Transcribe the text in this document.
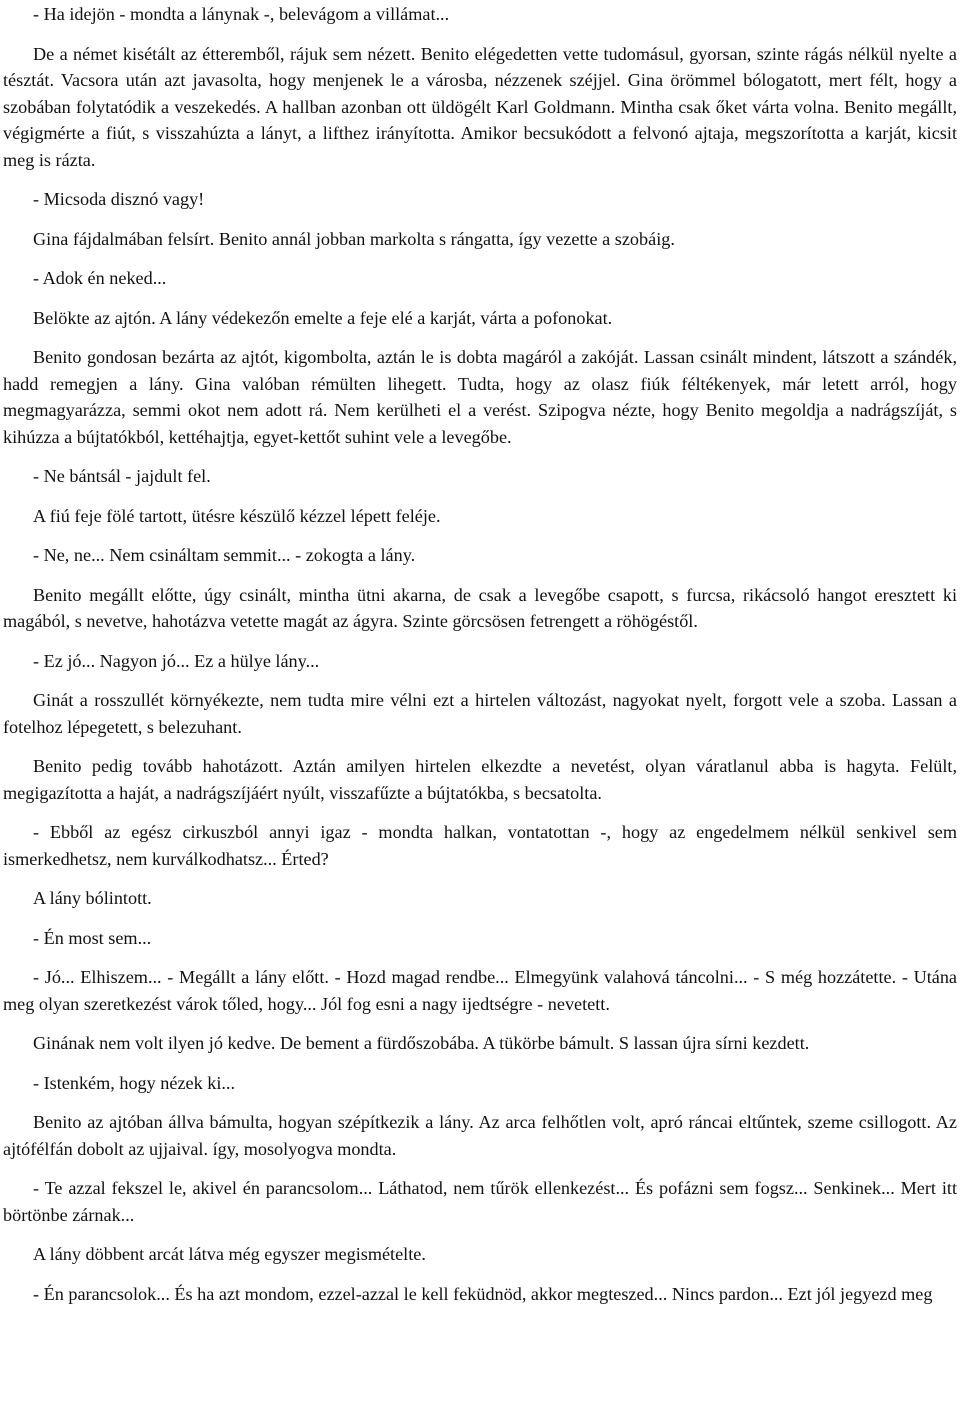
- Ha idejön - mondta a lánynak -, belevágom a villámat...

De a német kisétált az étteremből, rájuk sem nézett. Benito elégedetten vette tudomásul, gyorsan, szinte rágás nélkül nyelte a tésztát. Vacsora után azt javasolta, hogy menjenek le a városba, nézzenek széjjel. Gina örömmel bólogatott, mert félt, hogy a szobában folytatódik a veszekedés. A hallban azonban ott üldögélt Karl Goldmann. Mintha csak őket várta volna. Benito megállt, végigmérte a fiút, s visszahúzta a lányt, a lifthez irányította. Amikor becsukódott a felvonó ajtaja, megszorította a karját, kicsit meg is rázta.

- Micsoda disznó vagy!

Gina fájdalmában felsírt. Benito annál jobban markolta s rángatta, így vezette a szobáig.

- Adok én neked...

Belökte az ajtón. A lány védekezőn emelte a feje elé a karját, várta a pofonokat.

Benito gondosan bezárta az ajtót, kigombolta, aztán le is dobta magáról a zakóját. Lassan csinált mindent, látszott a szándék, hadd remegjen a lány. Gina valóban rémülten lihegett. Tudta, hogy az olasz fiúk féltékenyek, már letett arról, hogy megmagyarázza, semmi okot nem adott rá. Nem kerülheti el a verést. Szipogva nézte, hogy Benito megoldja a nadrágszíját, s kihúzza a bújtatókból, kettéhajtja, egyet-kettőt suhint vele a levegőbe.

- Ne bántsál - jajdult fel.

A fiú feje fölé tartott, ütésre készülő kézzel lépett feléje.

- Ne, ne... Nem csináltam semmit... - zokogta a lány.

Benito megállt előtte, úgy csinált, mintha ütni akarna, de csak a levegőbe csapott, s furcsa, rikácsoló hangot eresztett ki magából, s nevetve, hahotázva vetette magát az ágyra. Szinte görcsösen fetrengett a röhögéstől.

- Ez jó... Nagyon jó... Ez a hülye lány...

Ginát a rosszullét környékezte, nem tudta mire vélni ezt a hirtelen változást, nagyokat nyelt, forgott vele a szoba. Lassan a fotelhoz lépegetett, s belezuhant.

Benito pedig tovább hahotázott. Aztán amilyen hirtelen elkezdte a nevetést, olyan váratlanul abba is hagyta. Felült, megigazította a haját, a nadrágszíjáért nyúlt, visszafűzte a bújtatókba, s becsatolta.

- Ebből az egész cirkuszból annyi igaz - mondta halkan, vontatottan -, hogy az engedelmem nélkül senkivel sem ismerkedhetsz, nem kurválkodhatsz... Érted?

A lány bólintott.

- Én most sem...

- Jó... Elhiszem... - Megállt a lány előtt. - Hozd magad rendbe... Elmegyünk valahová táncolni... - S még hozzátette. - Utána meg olyan szeretkezést várok tőled, hogy... Jól fog esni a nagy ijedtségre - nevetett.

Ginának nem volt ilyen jó kedve. De bement a fürdőszobába. A tükörbe bámult. S lassan újra sírni kezdett.

- Istenkém, hogy nézek ki...

Benito az ajtóban állva bámulta, hogyan szépítkezik a lány. Az arca felhőtlen volt, apró ráncai eltűntek, szeme csillogott. Az ajtófélfán dobolt az ujjaival. így, mosolyogva mondta.

- Te azzal fekszel le, akivel én parancsolom... Láthatod, nem tűrök ellenkezést... És pofázni sem fogsz... Senkinek... Mert itt börtönbe zárnak...

A lány döbbent arcát látva még egyszer megismételte.

- Én parancsolok... És ha azt mondom, ezzel-azzal le kell feküdnöd, akkor megteszed... Nincs pardon... Ezt jól jegyezd meg
